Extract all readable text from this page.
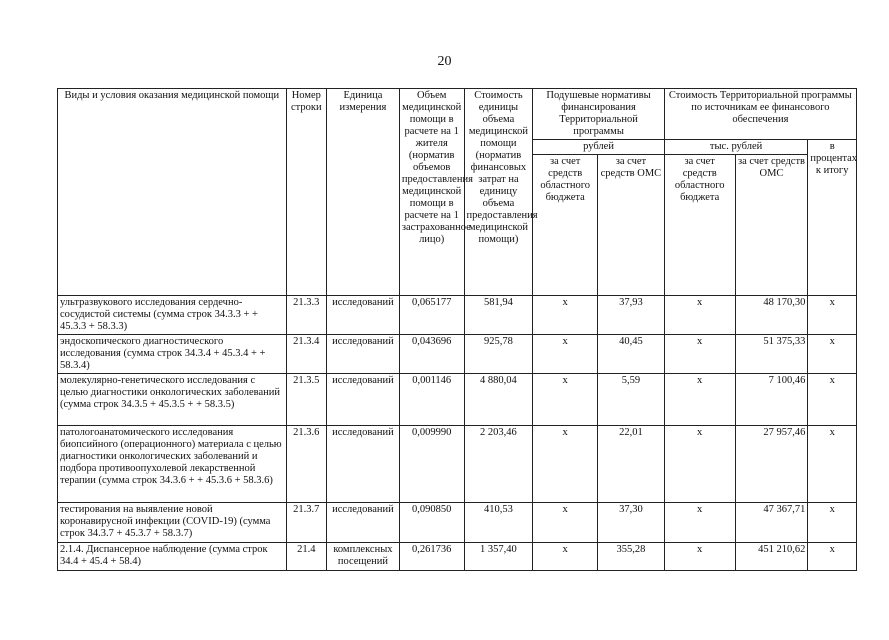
20
Виды и условия оказания медицинской помощи	Номер строки	Единица измерения	Объем медицинской помощи в расчете на 1 жителя (норматив объемов предоставления медицинской помощи в расчете на 1 застрахованное лицо)	Стоимость единицы объема медицинской помощи (норматив финансовых затрат на единицу объема предоставления медицинской помощи)	Подушевые нормативы финансирования Территориальной программы		Стоимость Территориальной программы по источникам ее финансового обеспечения		
					рублей		тыс. рублей		в процентах к итогу
					за счет средств областного бюджета	за счет средств ОМС	за счет средств областного бюджета	за счет средств ОМС	
ультразвукового исследования сердечно-сосудистой системы (сумма строк 34.3.3 + + 45.3.3 + 58.3.3)	21.3.3	исследований	0,065177	581,94	х	37,93	х	48 170,30	х
эндоскопического диагностического исследования (сумма строк 34.3.4 + 45.3.4 + + 58.3.4)	21.3.4	исследований	0,043696	925,78	х	40,45	х	51 375,33	х
молекулярно-генетического исследования с целью диагностики онкологических заболеваний (сумма строк 34.3.5 + 45.3.5 + + 58.3.5)	21.3.5	исследований	0,001146	4 880,04	х	5,59	х	7 100,46	х
патологоанатомического исследования биопсийного (операционного) материала с целью диагностики онкологических заболеваний и подбора противоопухолевой лекарственной терапии (сумма строк 34.3.6 + + 45.3.6 + 58.3.6)	21.3.6	исследований	0,009990	2 203,46	х	22,01	х	27 957,46	х
тестирования на выявление новой коронавирусной инфекции (COVID-19) (сумма строк 34.3.7 + 45.3.7 + 58.3.7)	21.3.7	исследований	0,090850	410,53	х	37,30	х	47 367,71	х
2.1.4. Диспансерное наблюдение (сумма строк 34.4 + 45.4 + 58.4)	21.4	комплексных посещений	0,261736	1 357,40	х	355,28	х	451 210,62	х
